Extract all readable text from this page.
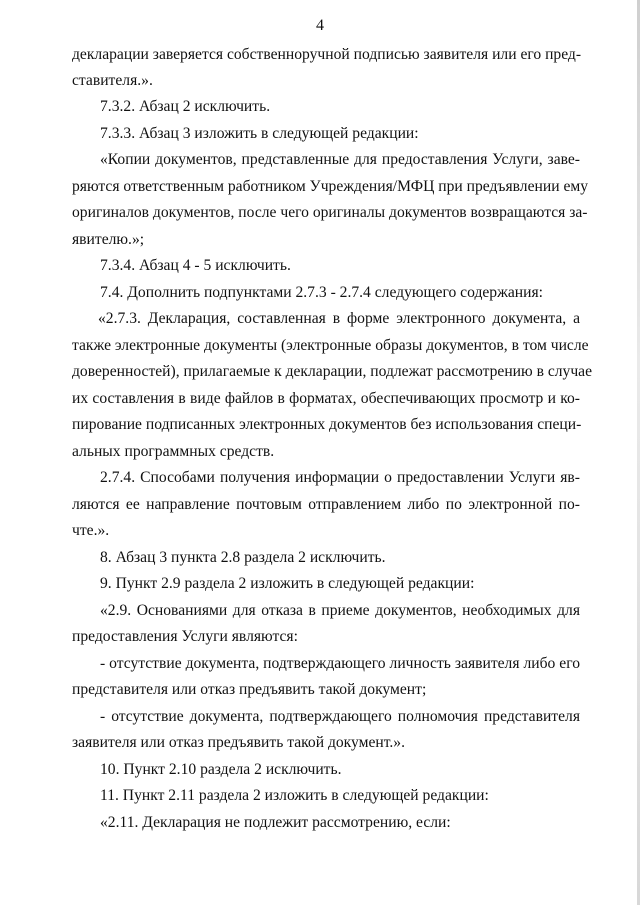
4
декларации заверяется собственноручной подписью заявителя или его пред-
ставителя.».
7.3.2. Абзац 2 исключить.
7.3.3. Абзац 3 изложить в следующей редакции:
«Копии документов, представленные для предоставления Услуги, заве-
ряются ответственным работником Учреждения/МФЦ при предъявлении ему
оригиналов документов, после чего оригиналы документов возвращаются за-
явителю.»;
7.3.4. Абзац 4 - 5 исключить.
7.4. Дополнить подпунктами 2.7.3 - 2.7.4 следующего содержания:
«2.7.3. Декларация, составленная в форме электронного документа, а
также электронные документы (электронные образы документов, в том числе
доверенностей), прилагаемые к декларации, подлежат рассмотрению в случае
их составления в виде файлов в форматах, обеспечивающих просмотр и ко-
пирование подписанных электронных документов без использования специ-
альных программных средств.
2.7.4. Способами получения информации о предоставлении Услуги яв-
ляются ее направление почтовым отправлением либо по электронной по-
чте.».
8. Абзац 3 пункта 2.8 раздела 2 исключить.
9. Пункт 2.9 раздела 2 изложить в следующей редакции:
«2.9. Основаниями для отказа в приеме документов, необходимых для
предоставления Услуги являются:
- отсутствие документа, подтверждающего личность заявителя либо его
представителя или отказ предъявить такой документ;
- отсутствие документа, подтверждающего полномочия представителя
заявителя или отказ предъявить такой документ.».
10. Пункт 2.10 раздела 2 исключить.
11. Пункт 2.11 раздела 2 изложить в следующей редакции:
«2.11. Декларация не подлежит рассмотрению, если:
